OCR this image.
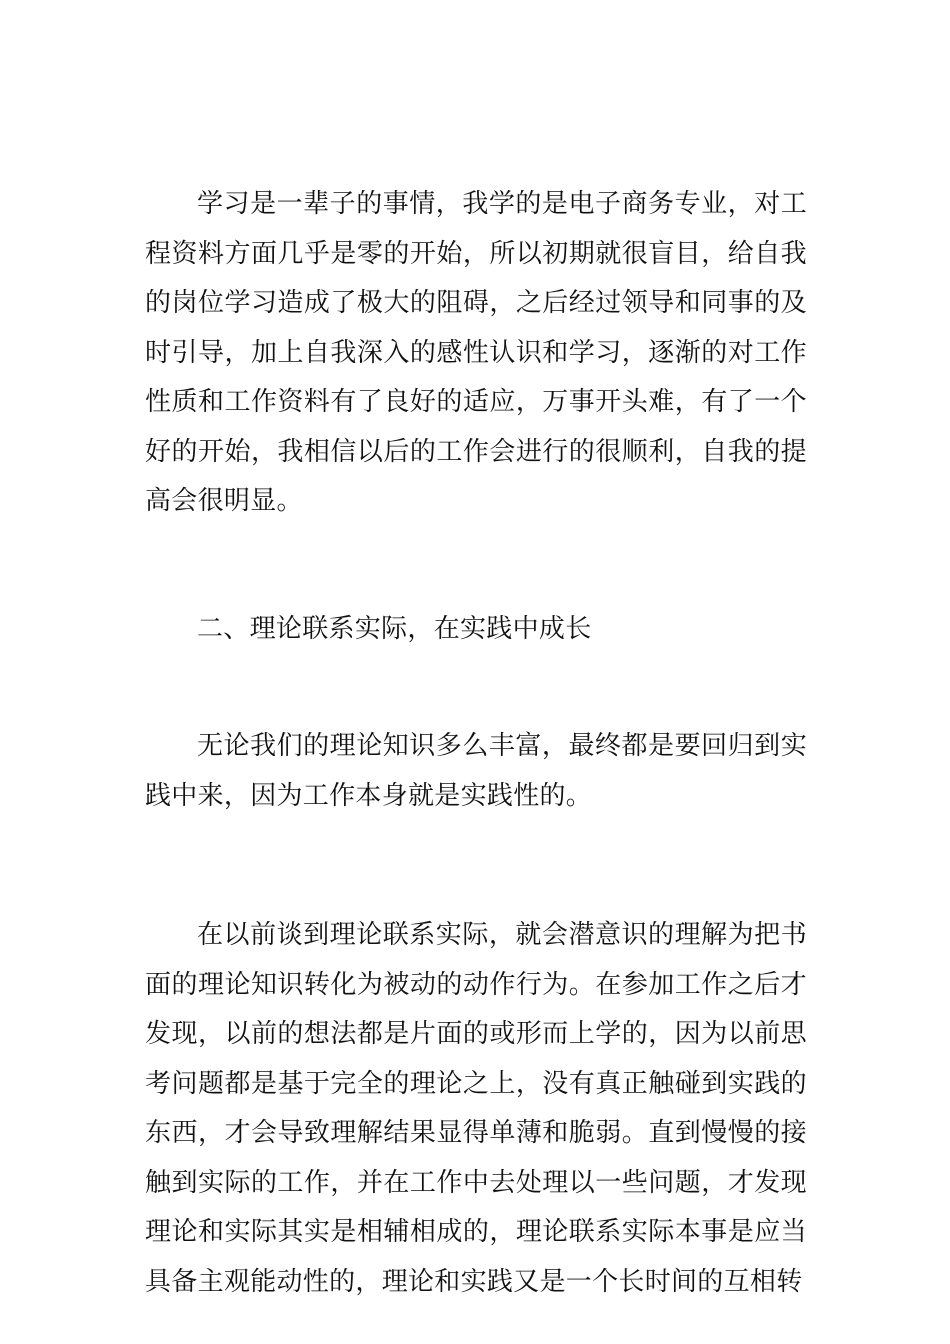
学习是一辈子的事情，我学的是电子商务专业，对工程资料方面几乎是零的开始，所以初期就很盲目，给自我的岗位学习造成了极大的阻碍，之后经过领导和同事的及时引导，加上自我深入的感性认识和学习，逐渐的对工作性质和工作资料有了良好的适应，万事开头难，有了一个好的开始，我相信以后的工作会进行的很顺利，自我的提高会很明显。

二、理论联系实际，在实践中成长

无论我们的理论知识多么丰富，最终都是要回归到实践中来，因为工作本身就是实践性的。

在以前谈到理论联系实际，就会潜意识的理解为把书面的理论知识转化为被动的动作行为。在参加工作之后才发现，以前的想法都是片面的或形而上学的，因为以前思考问题都是基于完全的理论之上，没有真正触碰到实践的东西，才会导致理解结果显得单薄和脆弱。直到慢慢的接触到实际的工作，并在工作中去处理以一些问题，才发现理论和实际其实是相辅相成的，理论联系实际本事是应当具备主观能动性的，理论和实践又是一个长时间的互相转
